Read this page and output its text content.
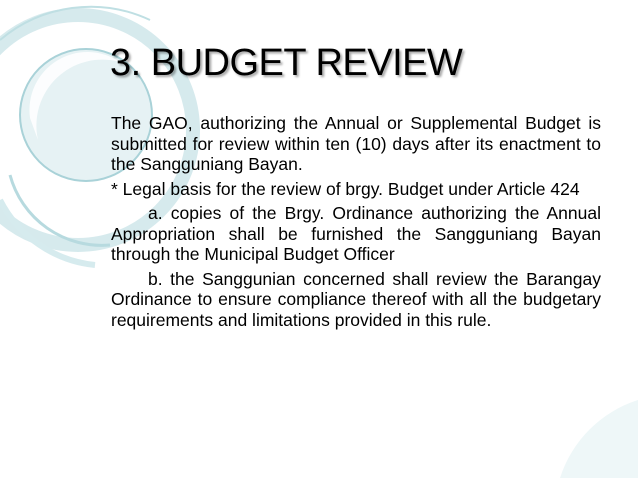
3. BUDGET REVIEW

The GAO, authorizing the Annual or Supplemental Budget is submitted for review within ten (10) days after its enactment to the Sangguniang Bayan.

* Legal basis for the review of brgy. Budget under Article 424

a. copies of the Brgy. Ordinance authorizing the Annual Appropriation shall be furnished the Sangguniang Bayan through the Municipal Budget Officer

b. the Sanggunian concerned shall review the Barangay Ordinance to ensure compliance thereof with all the budgetary requirements and limitations provided in this rule.
